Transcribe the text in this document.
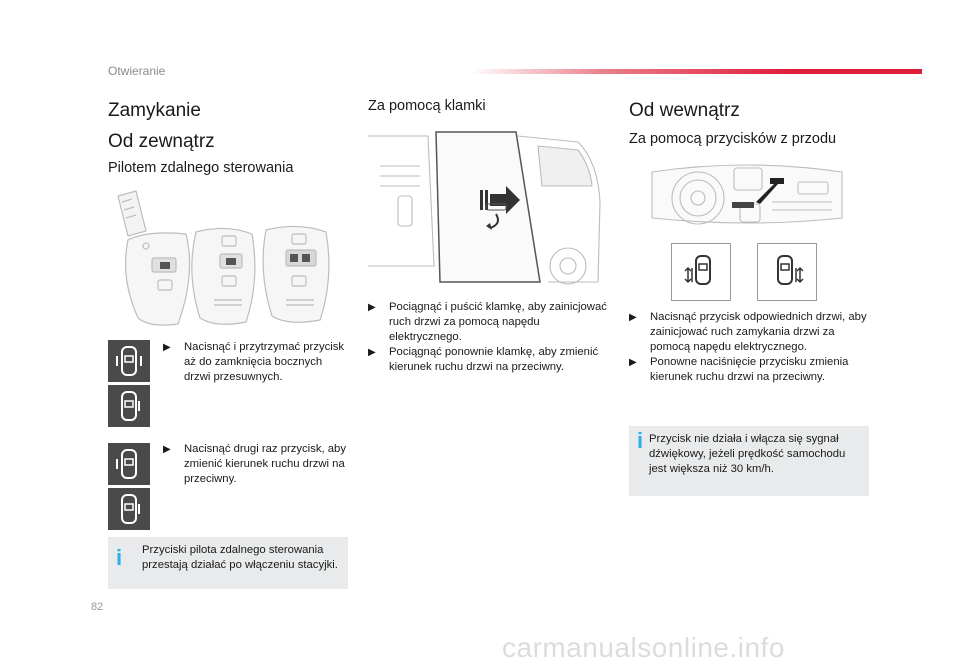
Otwieranie
Zamykanie
Od zewnątrz
Pilotem zdalnego sterowania
▶ Nacisnąć i przytrzymać przycisk aż do zamknięcia bocznych drzwi przesuwnych.
▶ Nacisnąć drugi raz przycisk, aby zmienić kierunek ruchu drzwi na przeciwny.
i Przyciski pilota zdalnego sterowania przestają działać po włączeniu stacyjki.
Za pomocą klamki
▶ Pociągnąć i puścić klamkę, aby zainicjować ruch drzwi za pomocą napędu elektrycznego.
▶ Pociągnąć ponownie klamkę, aby zmienić kierunek ruchu drzwi na przeciwny.
Od wewnątrz
Za pomocą przycisków z przodu
▶ Nacisnąć przycisk odpowiednich drzwi, aby zainicjować ruch zamykania drzwi za pomocą napędu elektrycznego.
▶ Ponowne naciśnięcie przycisku zmienia kierunek ruchu drzwi na przeciwny.
i Przycisk nie działa i włącza się sygnał dźwiękowy, jeżeli prędkość samochodu jest większa niż 30 km/h.
82
carmanualsonline.info
